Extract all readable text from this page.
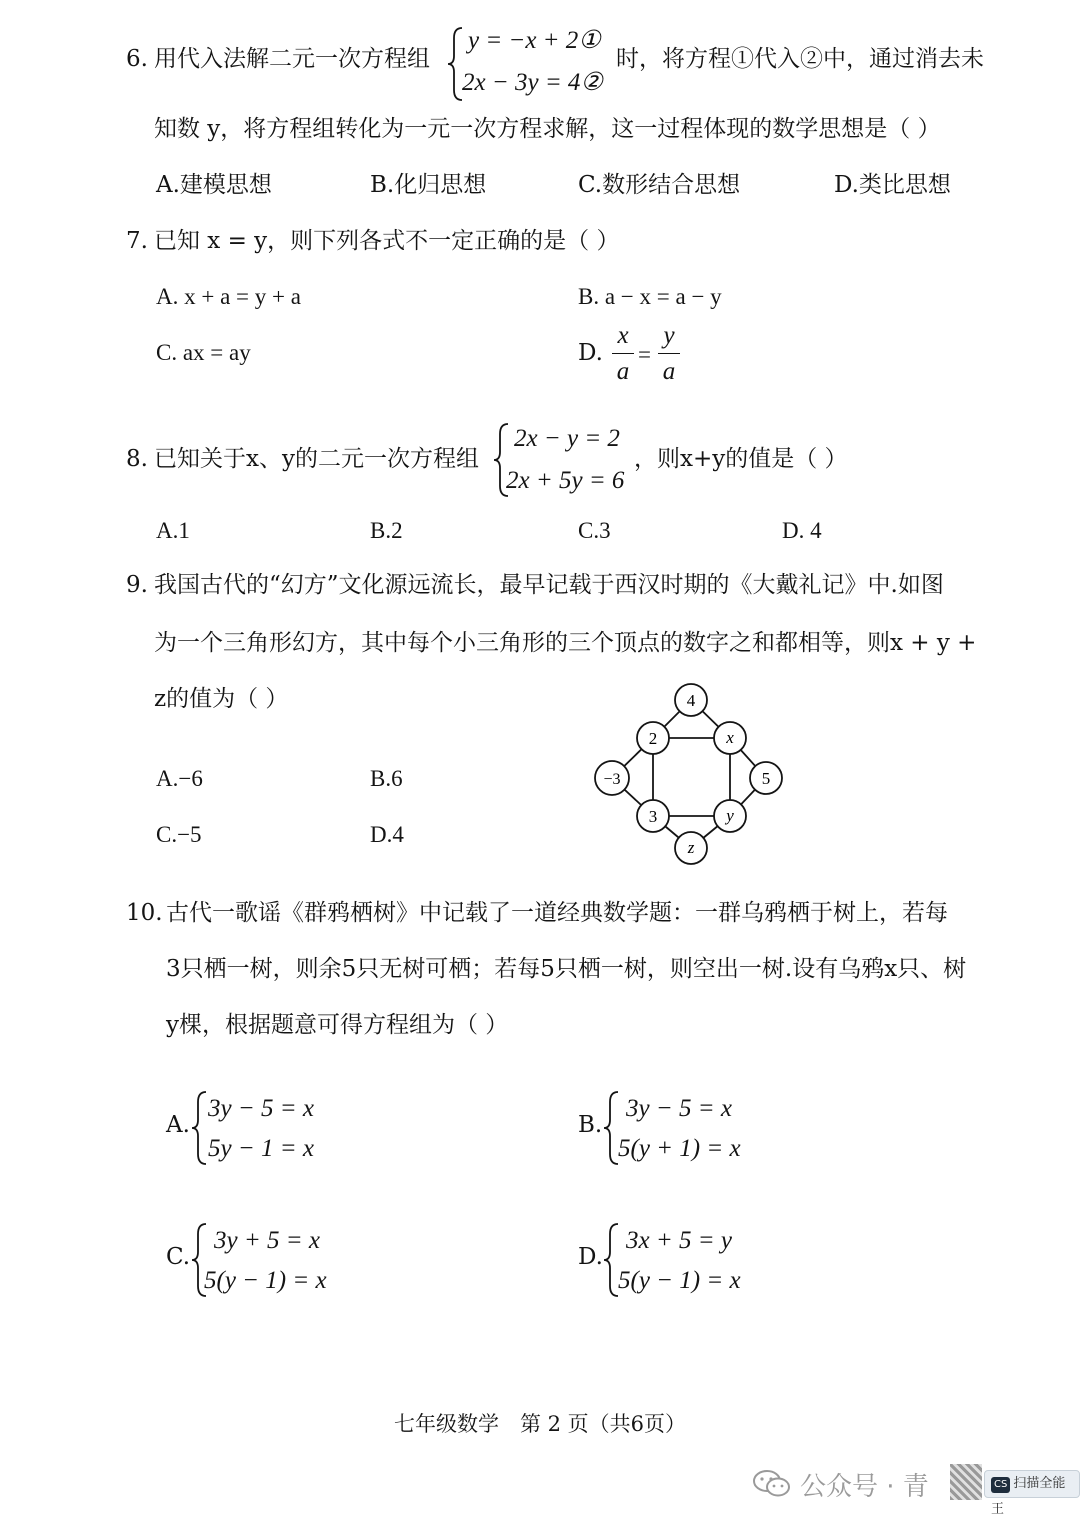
6. 用代入法解二元一次方程组
y = −x + 2①
2x − 3y = 4②
时，将方程①代入②中，通过消去未
知数 y，将方程组转化为一元一次方程求解，这一过程体现的数学思想是（ ）
A.建模思想	B.化归思想	C.数形结合思想	D.类比思想
7. 已知 x = y，则下列各式不一定正确的是（ ）
A. x + a = y + a	B. a − x = a − y
C. ax = ay	D.
x
a
=
y
a
8. 已知关于x、y的二元一次方程组
2x − y = 2
2x + 5y = 6
，则x+y的值是（ ）
A.1	B.2	C.3	D. 4
9. 我国古代的“幻方”文化源远流长，最早记载于西汉时期的《大戴礼记》中.如图
为一个三角形幻方，其中每个小三角形的三个顶点的数字之和都相等，则x + y +
z的值为（ ）
A.−6	B.6
C.−5	D.4
4
2	x
−3	5
3	y
z
10. 古代一歌谣《群鸦栖树》中记载了一道经典数学题：一群乌鸦栖于树上，若每
3只栖一树，则余5只无树可栖；若每5只栖一树，则空出一树.设有乌鸦x只、树
y棵，根据题意可得方程组为（ ）
A.
3y − 5 = x
5y − 1 = x
B.
3y − 5 = x
5(y + 1) = x
C.
3y + 5 = x
5(y − 1) = x
D.
3x + 5 = y
5(y − 1) = x
七年级数学　第 2 页（共6页）
公众号 · 青	CS 扫描全能王
